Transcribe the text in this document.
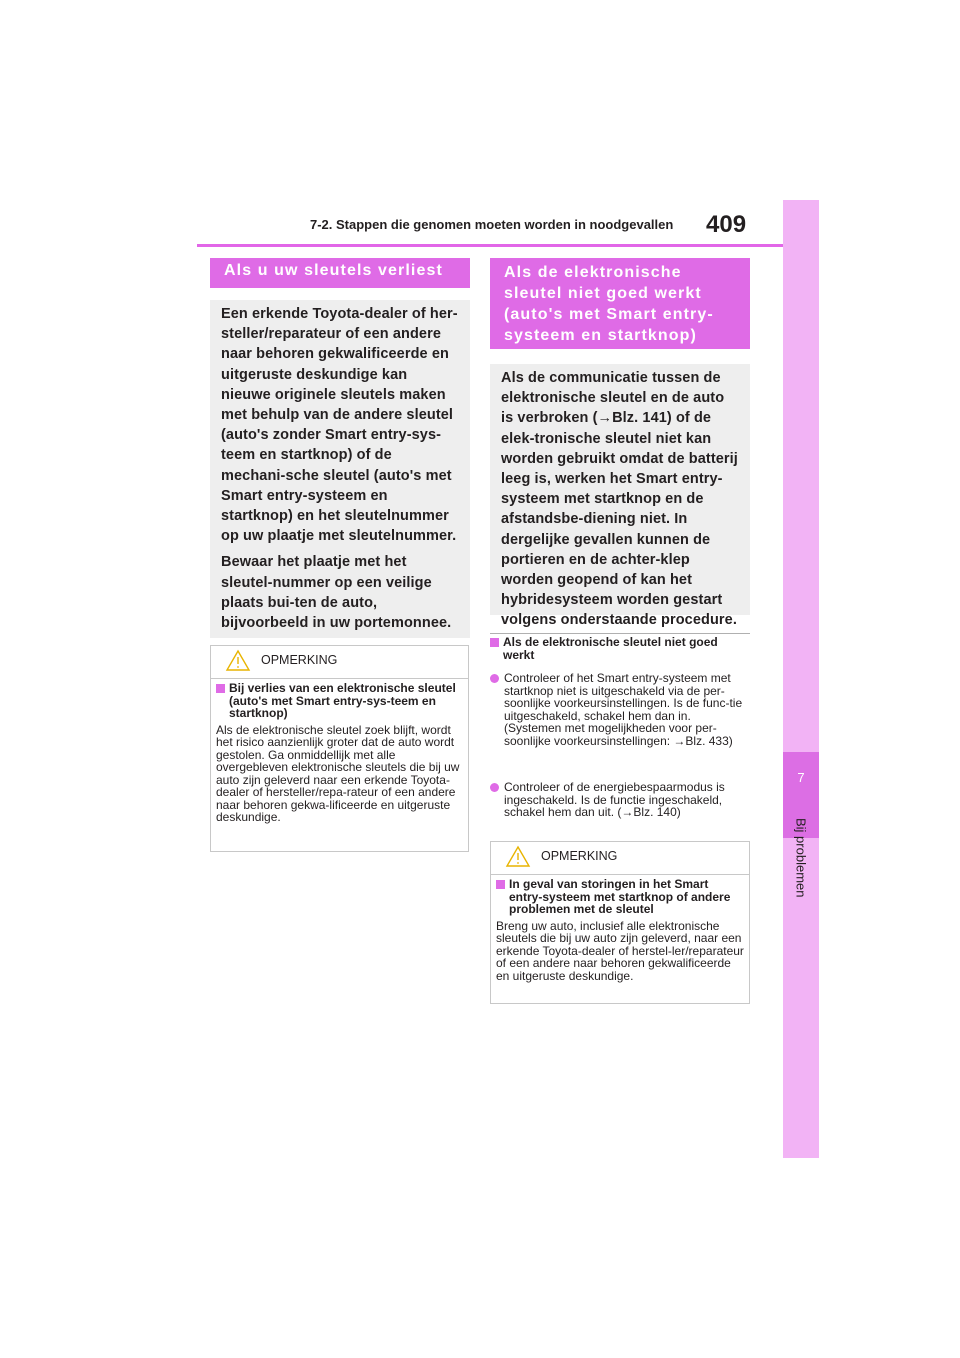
7-2. Stappen die genomen moeten worden in noodgevallen	409
7
Bij problemen
Als u uw sleutels verliest

Een erkende Toyota-dealer of her-steller/reparateur of een andere naar behoren gekwalificeerde en uitgeruste deskundige kan nieuwe originele sleutels maken met behulp van de andere sleutel (auto's zonder Smart entry-sys-teem en startknop) of de mechani-sche sleutel (auto's met Smart entry-systeem en startknop) en het sleutelnummer op uw plaatje met sleutelnummer.

Bewaar het plaatje met het sleutel-nummer op een veilige plaats bui-ten de auto, bijvoorbeeld in uw portemonnee.

OPMERKING
Bij verlies van een elektronische sleutel (auto's met Smart entry-sys-teem en startknop)
Als de elektronische sleutel zoek blijft, wordt het risico aanzienlijk groter dat de auto wordt gestolen. Ga onmiddellijk met alle overgebleven elektronische sleutels die bij uw auto zijn geleverd naar een erkende Toyota-dealer of hersteller/repa-rateur of een andere naar behoren gekwa-lificeerde en uitgeruste deskundige.
Als de elektronische sleutel niet goed werkt (auto's met Smart entry-systeem en startknop)

Als de communicatie tussen de elektronische sleutel en de auto is verbroken (→Blz. 141) of de elek-tronische sleutel niet kan worden gebruikt omdat de batterij leeg is, werken het Smart entry-systeem met startknop en de afstandsbe-diening niet. In dergelijke gevallen kunnen de portieren en de achter-klep worden geopend of kan het hybridesysteem worden gestart volgens onderstaande procedure.

Als de elektronische sleutel niet goed werkt
Controleer of het Smart entry-systeem met startknop niet is uitgeschakeld via de per-soonlijke voorkeursinstellingen. Is de func-tie uitgeschakeld, schakel hem dan in. (Systemen met mogelijkheden voor per-soonlijke voorkeursinstellingen: →Blz. 433)
Controleer of de energiebespaarmodus is ingeschakeld. Is de functie ingeschakeld, schakel hem dan uit. (→Blz. 140)
OPMERKING
In geval van storingen in het Smart entry-systeem met startknop of andere problemen met de sleutel
Breng uw auto, inclusief alle elektronische sleutels die bij uw auto zijn geleverd, naar een erkende Toyota-dealer of herstel-ler/reparateur of een andere naar behoren gekwalificeerde en uitgeruste deskundige.
